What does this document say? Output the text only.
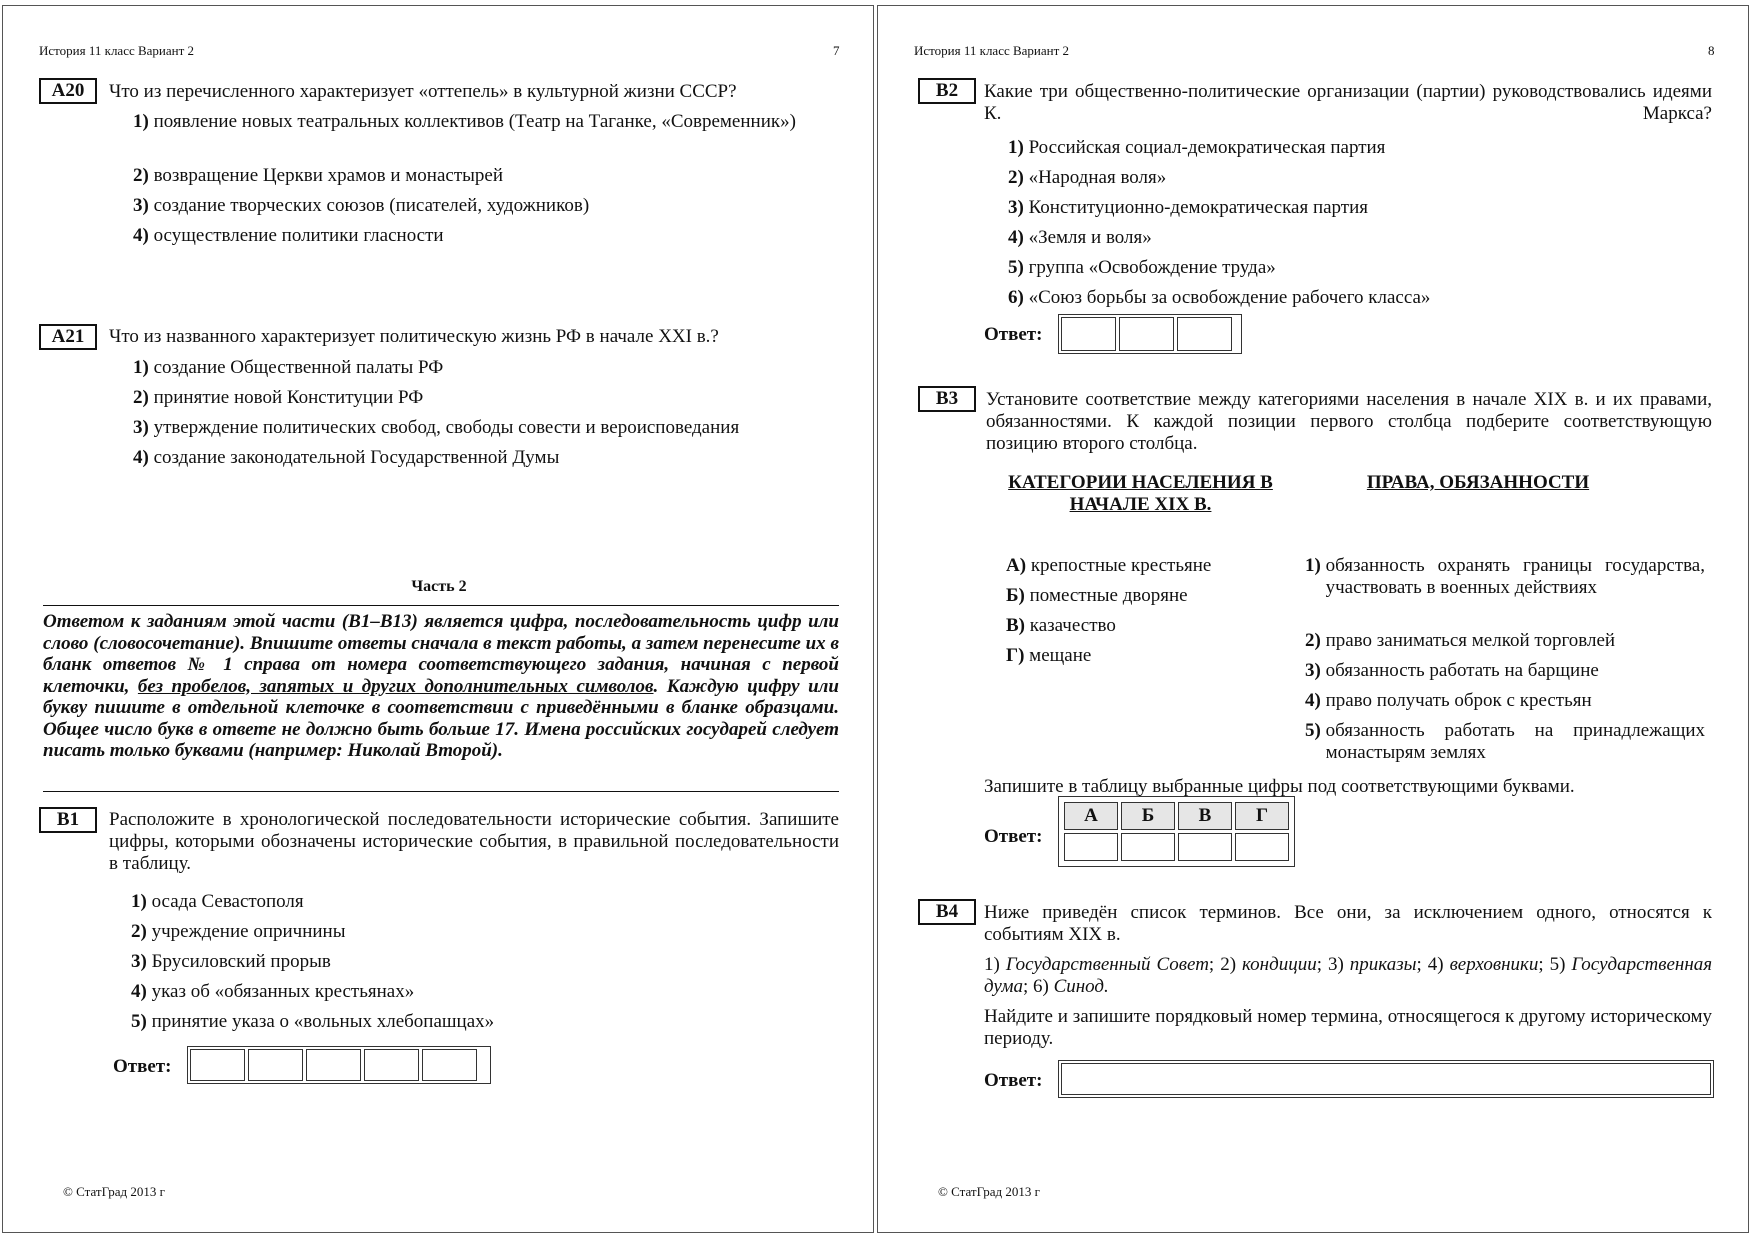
История 11 класс Вариант 2	7
А20	Что из перечисленного характеризует «оттепель» в культурной жизни СССР?
1)
появление новых театральных коллективов (Театр на Таганке, «Современник»)
2) возвращение Церкви храмов и монастырей
3) создание творческих союзов (писателей, художников)
4) осуществление политики гласности
А21	Что из названного характеризует политическую жизнь РФ в начале XXI в.?
1) создание Общественной палаты РФ
2) принятие новой Конституции РФ
3) утверждение политических свобод, свободы совести и вероисповедания
4) создание законодательной Государственной Думы
Часть 2
Ответом к заданиям этой части (В1–В13) является цифра, последовательность цифр или слово (словосочетание). Впишите ответы сначала в текст работы, а затем перенесите их в бланк ответов № 1 справа от номера соответствующего задания, начиная с первой клеточки, без пробелов, запятых и других дополнительных символов. Каждую цифру или букву пишите в отдельной клеточке в соответствии с приведёнными в бланке образцами. Общее число букв в ответе не должно быть больше 17. Имена российских государей следует писать только буквами (например: Николай Второй).
В1	Расположите в хронологической последовательности исторические события. Запишите цифры, которыми обозначены исторические события, в правильной последовательности в таблицу.
1) осада Севастополя
2) учреждение опричнины
3) Брусиловский прорыв
4) указ об «обязанных крестьянах»
5) принятие указа о «вольных хлебопашцах»
Ответ:
© СтатГрад 2013 г
История 11 класс Вариант 2	8
В2	Какие три общественно-политические организации (партии) руководствовались идеями К. Маркса?
1) Российская социал-демократическая партия
2) «Народная воля»
3) Конституционно-демократическая партия
4) «Земля и воля»
5) группа «Освобождение труда»
6) «Союз борьбы за освобождение рабочего класса»
Ответ:
В3	Установите соответствие между категориями населения в начале XIX в. и их правами, обязанностями. К каждой позиции первого столбца подберите соответствующую позицию второго столбца.
КАТЕГОРИИ НАСЕЛЕНИЯ В НАЧАЛЕ XIX В.
ПРАВА, ОБЯЗАННОСТИ
А) крепостные крестьяне
Б) поместные дворяне
В) казачество
Г) мещане
1)
обязанность охранять границы государства, участвовать в военных действиях
2) право заниматься мелкой торговлей
3) обязанность работать на барщине
4) право получать оброк с крестьян
5)
обязанность работать на принадлежащих монастырям землях
Запишите в таблицу выбранные цифры под соответствующими буквами.
Ответ:
А	Б	В	Г

В4	Ниже приведён список терминов. Все они, за исключением одного, относятся к событиям XIX в.
1) Государственный Совет; 2) кондиции; 3) приказы; 4) верховники; 5) Государственная дума; 6) Синод.
Найдите и запишите порядковый номер термина, относящегося к другому историческому периоду.
Ответ:
© СтатГрад 2013 г
